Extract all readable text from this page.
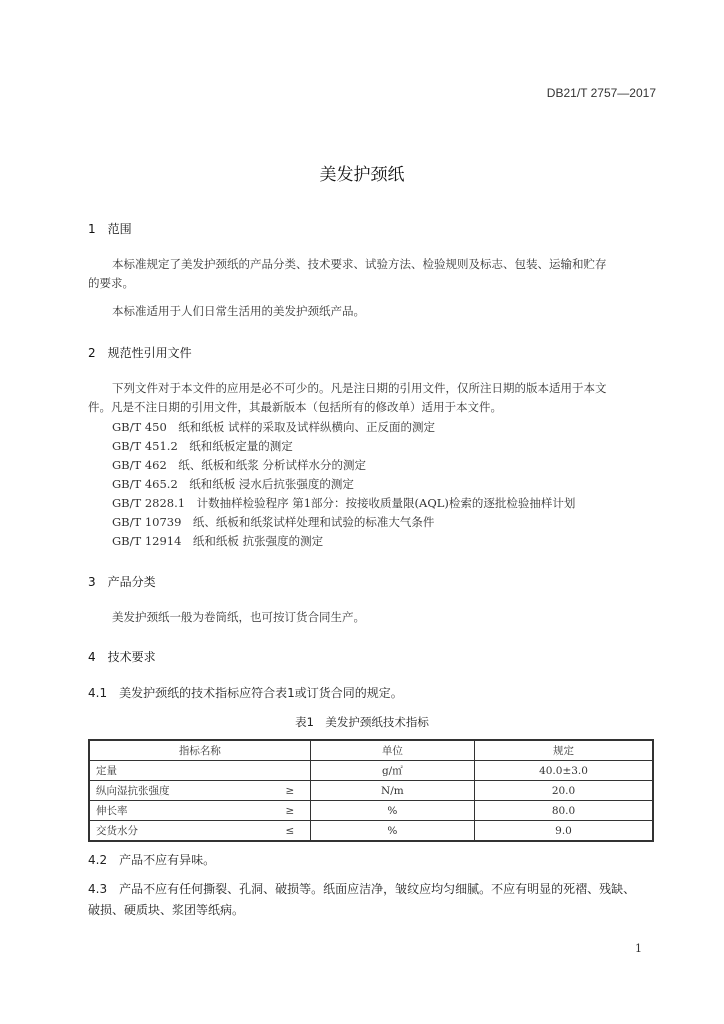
DB21/T 2757—2017
美发护颈纸
1　范围
本标准规定了美发护颈纸的产品分类、技术要求、试验方法、检验规则及标志、包装、运输和贮存
的要求。
本标准适用于人们日常生活用的美发护颈纸产品。
2　规范性引用文件
下列文件对于本文件的应用是必不可少的。凡是注日期的引用文件，仅所注日期的版本适用于本文
件。凡是不注日期的引用文件，其最新版本（包括所有的修改单）适用于本文件。
GB/T 450　纸和纸板 试样的采取及试样纵横向、正反面的测定
GB/T 451.2　纸和纸板定量的测定
GB/T 462　纸、纸板和纸浆 分析试样水分的测定
GB/T 465.2　纸和纸板 浸水后抗张强度的测定
GB/T 2828.1　计数抽样检验程序 第1部分：按接收质量限(AQL)检索的逐批检验抽样计划
GB/T 10739　纸、纸板和纸浆试样处理和试验的标准大气条件
GB/T 12914　纸和纸板 抗张强度的测定
3　产品分类
美发护颈纸一般为卷筒纸，也可按订货合同生产。
4　技术要求
4.1　美发护颈纸的技术指标应符合表1或订货合同的规定。
表1　美发护颈纸技术指标
指标名称		单位	规定
定量		g/㎡	40.0±3.0
纵向湿抗张强度	≥	N/m	20.0
伸长率	≥	%	80.0
交货水分	≤	%	9.0
4.2　产品不应有异味。
4.3　产品不应有任何撕裂、孔洞、破损等。纸面应洁净，皱纹应均匀细腻。不应有明显的死褶、残缺、
破损、硬质块、浆团等纸病。
1
